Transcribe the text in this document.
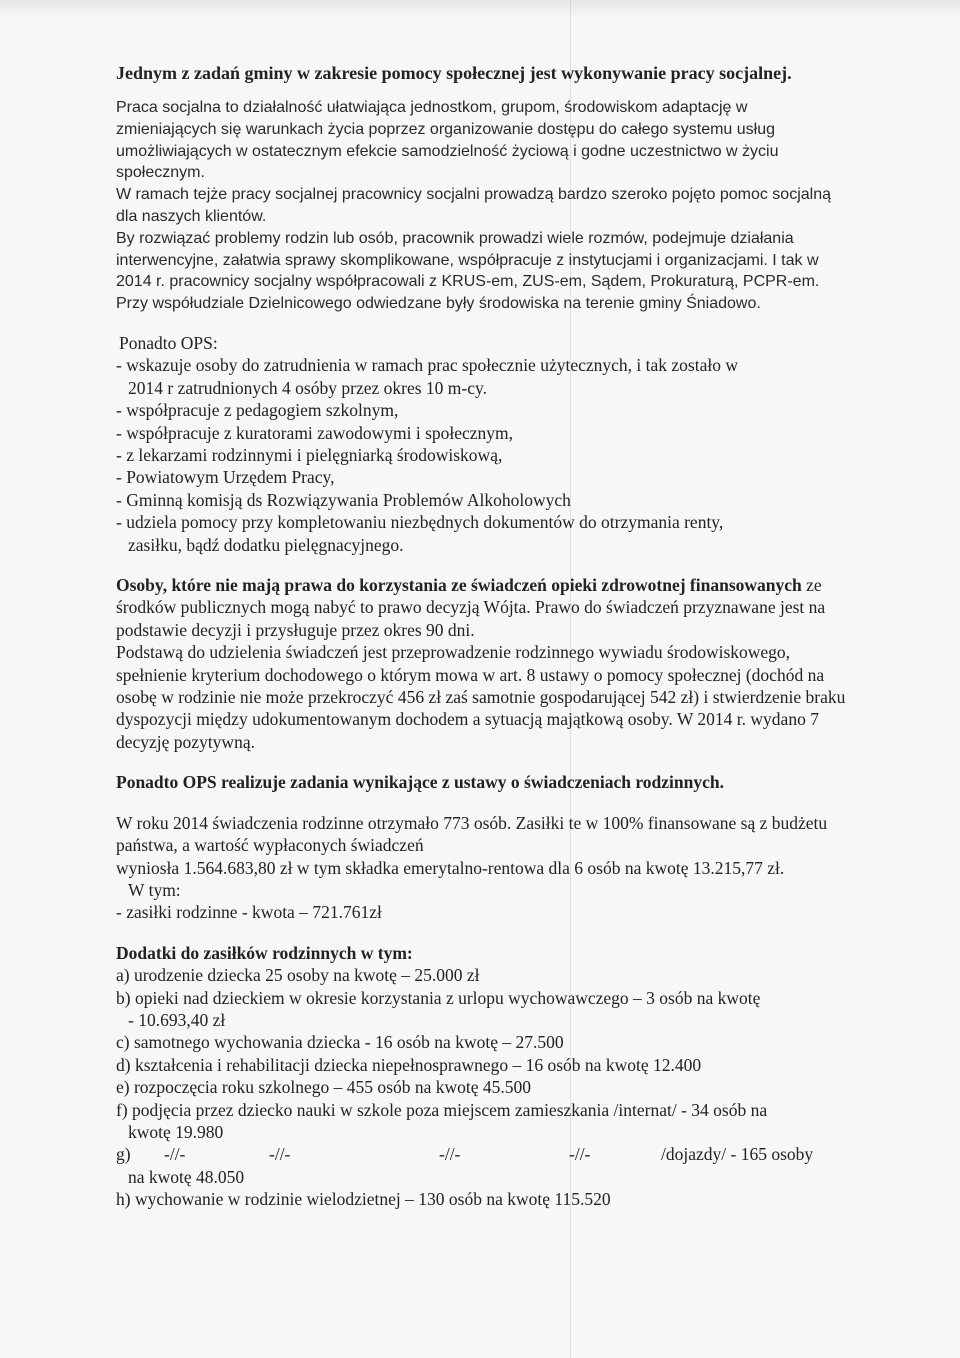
Jednym z zadań gminy w zakresie pomocy społecznej jest wykonywanie pracy socjalnej.

Praca socjalna to działalność ułatwiająca jednostkom, grupom, środowiskom adaptację w zmieniających się warunkach życia poprzez organizowanie dostępu do całego systemu usług umożliwiających w ostatecznym efekcie samodzielność życiową i godne uczestnictwo w życiu społecznym.

W ramach tejże pracy socjalnej pracownicy socjalni prowadzą bardzo szeroko pojęto pomoc socjalną dla naszych klientów.

By rozwiązać problemy rodzin lub osób, pracownik prowadzi wiele rozmów, podejmuje działania interwencyjne, załatwia sprawy skomplikowane, współpracuje z instytucjami i organizacjami. I tak w 2014 r. pracownicy socjalny współpracowali z KRUS-em, ZUS-em, Sądem, Prokuraturą, PCPR-em. Przy współudziale Dzielnicowego odwiedzane były środowiska na terenie gminy Śniadowo.

Ponadto OPS:

- wskazuje osoby do zatrudnienia w ramach prac społecznie użytecznych, i tak zostało w

2014 r zatrudnionych 4 osóby przez okres 10 m-cy.

- współpracuje z pedagogiem szkolnym,

- współpracuje z kuratorami zawodowymi i społecznym,

- z lekarzami rodzinnymi i pielęgniarką środowiskową,

- Powiatowym Urzędem Pracy,

- Gminną komisją ds Rozwiązywania Problemów Alkoholowych

- udziela pomocy przy kompletowaniu niezbędnych dokumentów do otrzymania renty,

zasiłku, bądź dodatku pielęgnacyjnego.

Osoby, które nie mają prawa do korzystania ze świadczeń opieki zdrowotnej finansowanych ze środków publicznych mogą nabyć to prawo decyzją Wójta. Prawo do świadczeń przyznawane jest na podstawie decyzji i przysługuje przez okres 90 dni.

Podstawą do udzielenia świadczeń jest przeprowadzenie rodzinnego wywiadu środowiskowego, spełnienie kryterium dochodowego o którym mowa w art. 8 ustawy o pomocy społecznej (dochód na osobę w rodzinie nie może przekroczyć 456 zł zaś samotnie gospodarującej 542 zł) i stwierdzenie braku dyspozycji między udokumentowanym dochodem a sytuacją majątkową osoby. W 2014 r. wydano 7 decyzję pozytywną.

Ponadto OPS realizuje zadania wynikające z ustawy o świadczeniach rodzinnych.

W roku 2014 świadczenia rodzinne otrzymało 773 osób. Zasiłki te w 100% finansowane są z budżetu państwa, a wartość wypłaconych świadczeń

wyniosła 1.564.683,80 zł w tym składka emerytalno-rentowa dla 6 osób na kwotę 13.215,77 zł.

W tym:

- zasiłki rodzinne - kwota – 721.761zł

Dodatki do zasiłków rodzinnych w tym:

a) urodzenie dziecka 25 osoby na kwotę – 25.000 zł

b) opieki nad dzieckiem w okresie korzystania z urlopu wychowawczego – 3 osób na kwotę

- 10.693,40 zł

c) samotnego wychowania dziecka - 16 osób na kwotę – 27.500

d) kształcenia i rehabilitacji dziecka niepełnosprawnego – 16 osób na kwotę 12.400

e) rozpoczęcia roku szkolnego – 455 osób na kwotę 45.500

f) podjęcia przez dziecko nauki w szkole poza miejscem zamieszkania /internat/ - 34 osób na

kwotę 19.980

g)	-//-	-//-	-//-	-//-	/dojazdy/ - 165 osoby

na kwotę 48.050

h) wychowanie w rodzinie wielodzietnej – 130 osób na kwotę 115.520
